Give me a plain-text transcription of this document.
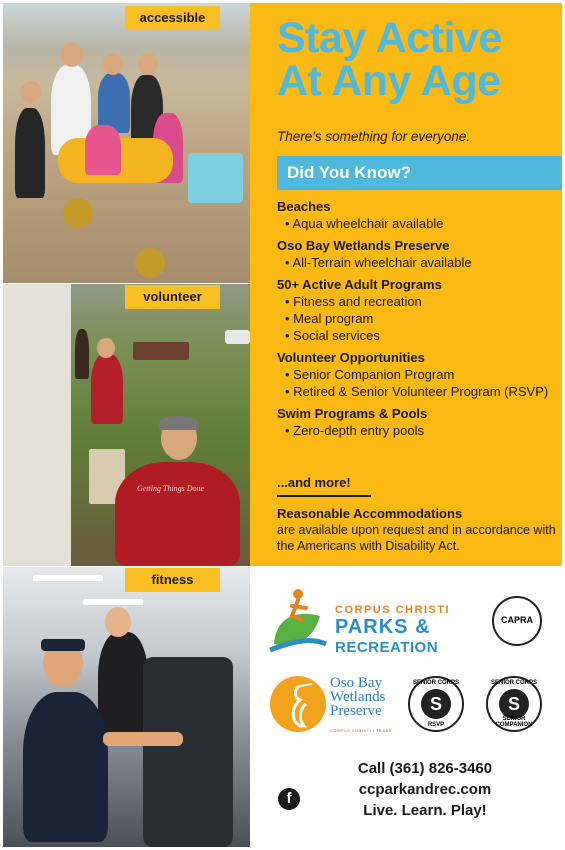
accessible
Getting Things Done
volunteer
fitness
Stay Active
At Any Age
There's something for everyone.
Did You Know?
Beaches
• Aqua wheelchair available
Oso Bay Wetlands Preserve
• All-Terrain wheelchair available
50+ Active Adult Programs
• Fitness and recreation
• Meal program
• Social services
Volunteer Opportunities
• Senior Companion Program
• Retired & Senior Volunteer Program (RSVP)
Swim Programs & Pools
• Zero-depth entry pools
...and more!
Reasonable Accommodations
are available upon request and in accordance with the Americans with Disability Act.
CORPUS CHRISTI
PARKS &
RECREATION
CAPRA
Oso Bay
Wetlands
Preserve
CORPUS CHRISTI • TEXAS
SENIOR CORPS
S
RSVP
SENIOR CORPS
S
SENIOR COMPANION
f
Call (361) 826-3460
ccparkandrec.com
Live. Learn. Play!
